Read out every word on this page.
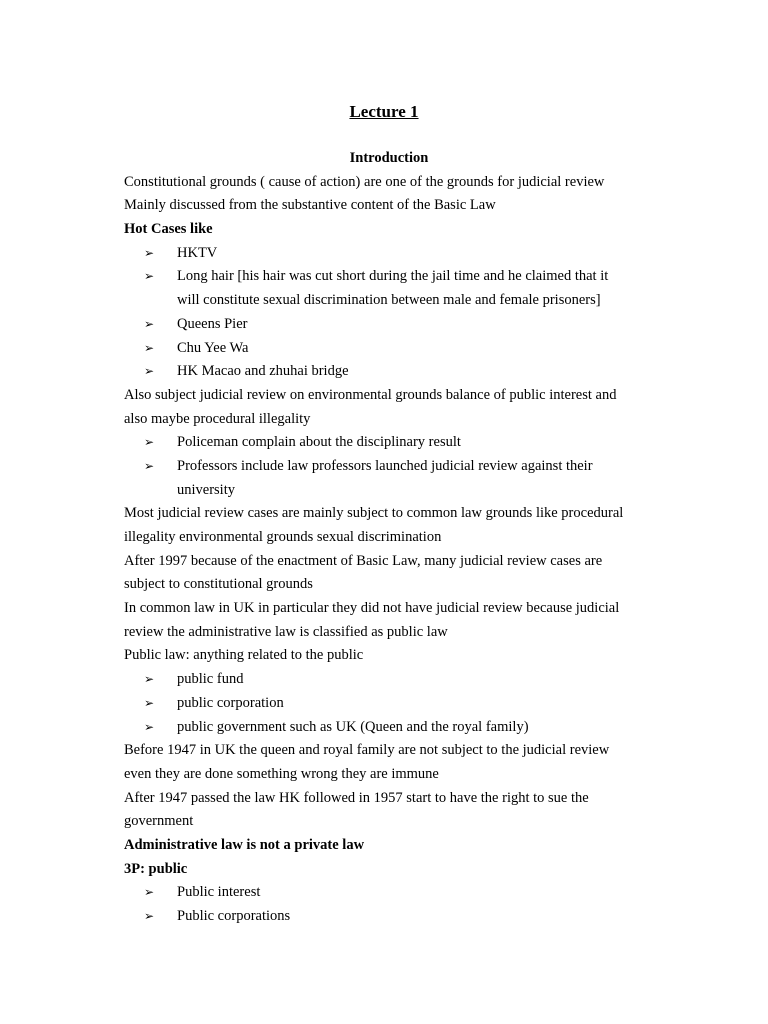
Lecture 1
Introduction
Constitutional grounds ( cause of action) are one of the grounds for judicial review
Mainly discussed from the substantive content of the Basic Law
Hot Cases like
➢ HKTV
➢ Long hair [his hair was cut short during the jail time and he claimed that it
will constitute sexual discrimination between male and female prisoners]
➢ Queens Pier
➢ Chu Yee Wa
➢ HK Macao and zhuhai bridge
Also subject judicial review on environmental grounds balance of public interest and
also maybe procedural illegality
➢ Policeman complain about the disciplinary result
➢ Professors include law professors launched judicial review against their
university
Most judicial review cases are mainly subject to common law grounds like procedural
illegality environmental grounds sexual discrimination
After 1997 because of the enactment of Basic Law, many judicial review cases are
subject to constitutional grounds
In common law in UK in particular they did not have judicial review because judicial
review the administrative law is classified as public law
Public law: anything related to the public
➢ public fund
➢ public corporation
➢ public government such as UK (Queen and the royal family)
Before 1947 in UK the queen and royal family are not subject to the judicial review
even they are done something wrong they are immune
After 1947 passed the law HK followed in 1957 start to have the right to sue the
government
Administrative law is not a private law
3P: public
➢ Public interest
➢ Public corporations
